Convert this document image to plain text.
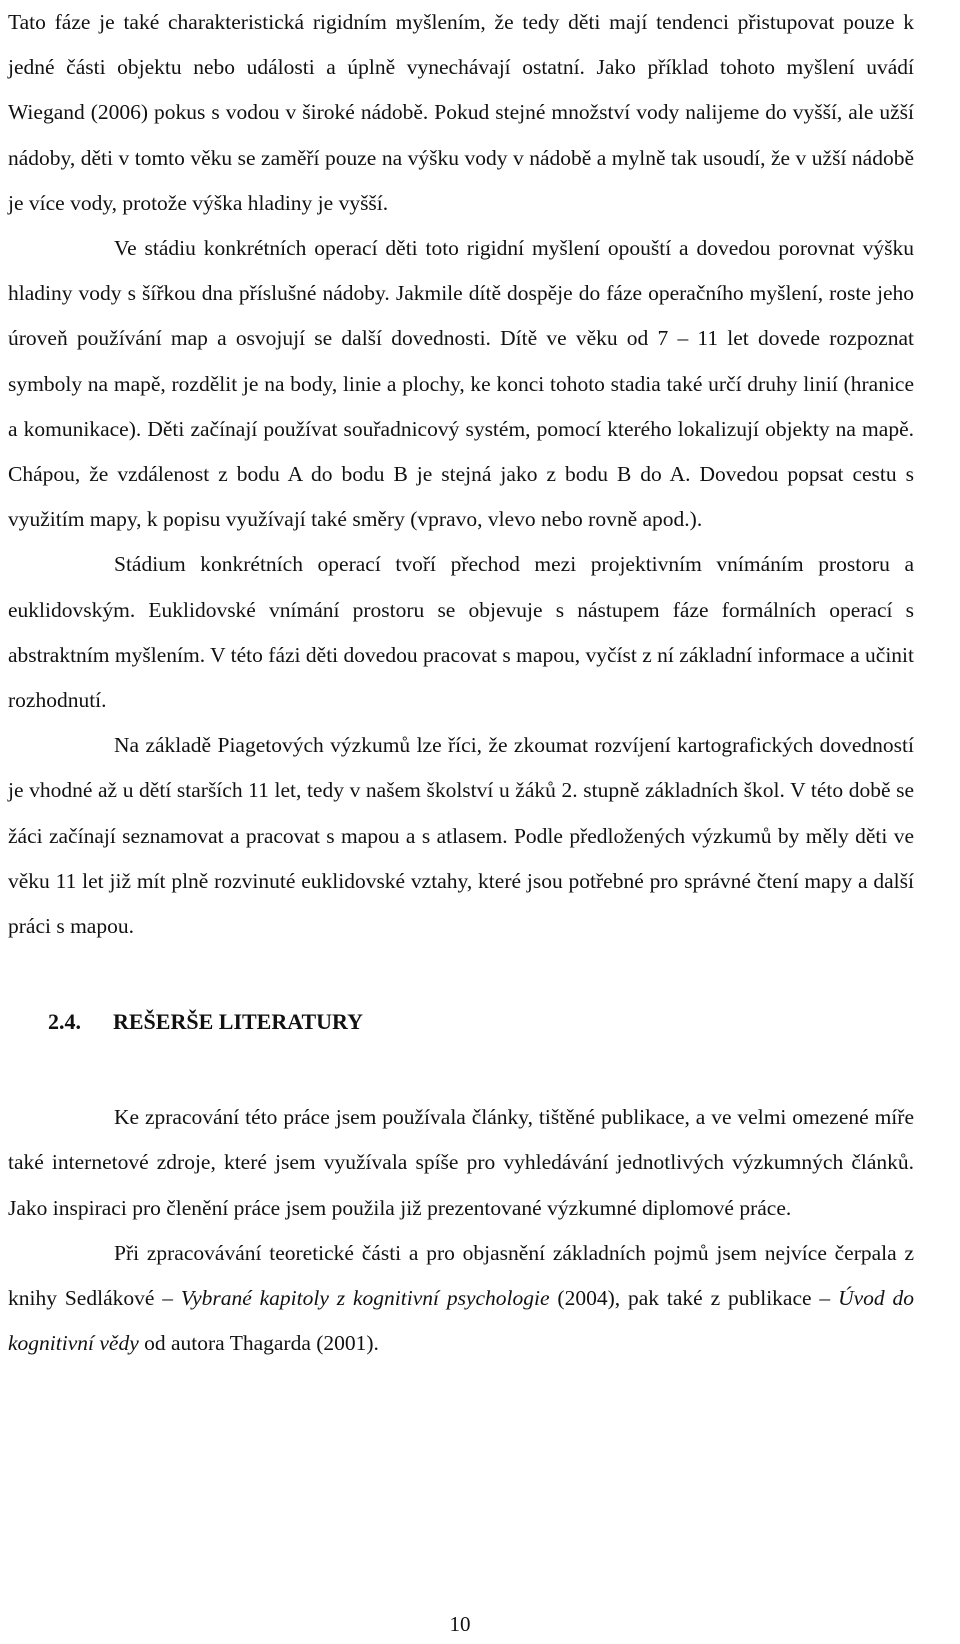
Tato fáze je také charakteristická rigidním myšlením, že tedy děti mají tendenci přistupovat pouze k jedné části objektu nebo události a úplně vynechávají ostatní. Jako příklad tohoto myšlení uvádí Wiegand (2006) pokus s vodou v široké nádobě. Pokud stejné množství vody nalijeme do vyšší, ale užší nádoby, děti v tomto věku se zaměří pouze na výšku vody v nádobě a mylně tak usoudí, že v užší nádobě je více vody, protože výška hladiny je vyšší.

Ve stádiu konkrétních operací děti toto rigidní myšlení opouští a dovedou porovnat výšku hladiny vody s šířkou dna příslušné nádoby. Jakmile dítě dospěje do fáze operačního myšlení, roste jeho úroveň používání map a osvojují se další dovednosti. Dítě ve věku od 7 – 11 let dovede rozpoznat symboly na mapě, rozdělit je na body, linie a plochy, ke konci tohoto stadia také určí druhy linií (hranice a komunikace). Děti začínají používat souřadnicový systém, pomocí kterého lokalizují objekty na mapě. Chápou, že vzdálenost z bodu A do bodu B je stejná jako z bodu B do A. Dovedou popsat cestu s využitím mapy, k popisu využívají také směry (vpravo, vlevo nebo rovně apod.).

Stádium konkrétních operací tvoří přechod mezi projektivním vnímáním prostoru a euklidovským. Euklidovské vnímání prostoru se objevuje s nástupem fáze formálních operací s abstraktním myšlením. V této fázi děti dovedou pracovat s mapou, vyčíst z ní základní informace a učinit rozhodnutí.

Na základě Piagetových výzkumů lze říci, že zkoumat rozvíjení kartografických dovedností je vhodné až u dětí starších 11 let, tedy v našem školství u žáků 2. stupně základních škol. V této době se žáci začínají seznamovat a pracovat s mapou a s atlasem. Podle předložených výzkumů by měly děti ve věku 11 let již mít plně rozvinuté euklidovské vztahy, které jsou potřebné pro správné čtení mapy a další práci s mapou.

2.4. REŠERŠE LITERATURY

Ke zpracování této práce jsem používala články, tištěné publikace, a ve velmi omezené míře také internetové zdroje, které jsem využívala spíše pro vyhledávání jednotlivých výzkumných článků. Jako inspiraci pro členění práce jsem použila již prezentované výzkumné diplomové práce.

Při zpracovávání teoretické části a pro objasnění základních pojmů jsem nejvíce čerpala z knihy Sedlákové – Vybrané kapitoly z kognitivní psychologie (2004), pak také z publikace – Úvod do kognitivní vědy od autora Thagarda (2001).

10
